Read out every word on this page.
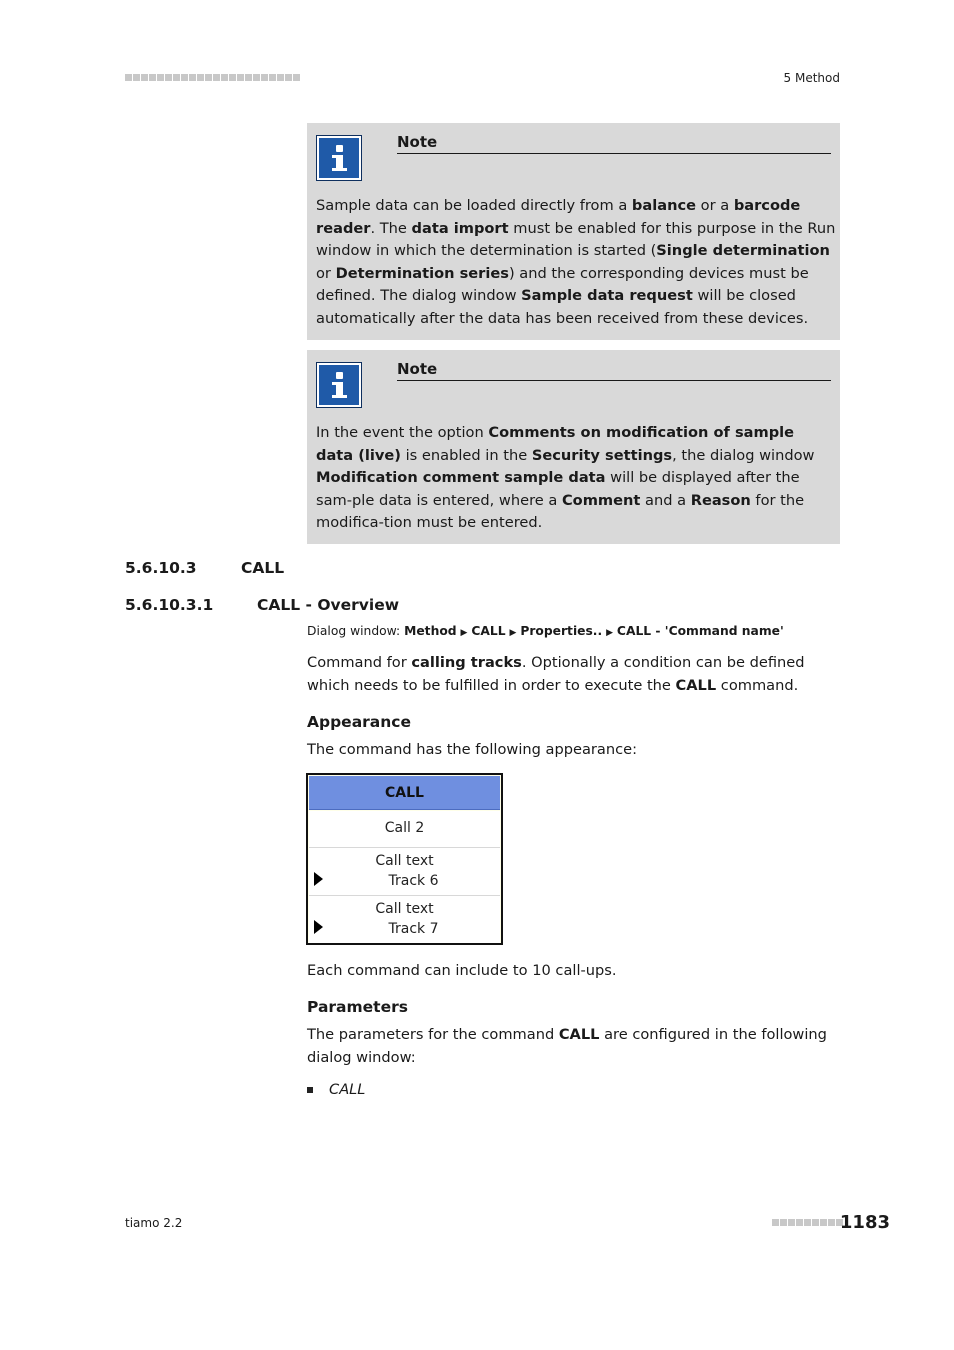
5 Method
Note
Sample data can be loaded directly from a balance or a barcode reader. The data import must be enabled for this purpose in the Run window in which the determination is started (Single determination or Determination series) and the corresponding devices must be defined. The dialog window Sample data request will be closed automatically after the data has been received from these devices.
Note
In the event the option Comments on modification of sample data (live) is enabled in the Security settings, the dialog window Modification comment sample data will be displayed after the sam-ple data is entered, where a Comment and a Reason for the modifica-tion must be entered.
5.6.10.3	CALL
5.6.10.3.1	CALL - Overview
Dialog window: Method ▶ CALL ▶ Properties.. ▶ CALL - 'Command name'
Command for calling tracks. Optionally a condition can be defined which needs to be fulfilled in order to execute the CALL command.
Appearance
The command has the following appearance:
CALL
Call 2
Call text
Track 6
Call text
Track 7
Each command can include to 10 call-ups.
Parameters
The parameters for the command CALL are configured in the following dialog window:
CALL
tiamo 2.2	1183
